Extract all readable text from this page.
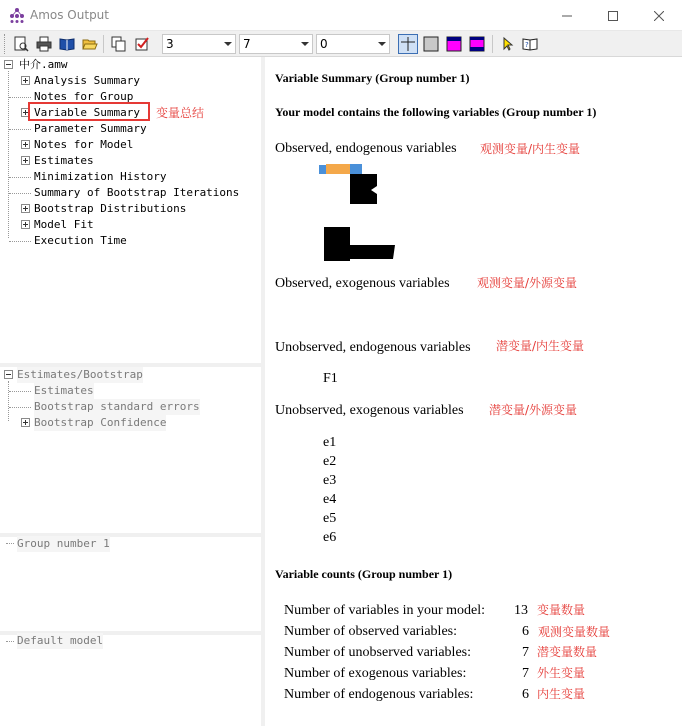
Amos Output
3	7	0	?
中介.amw
Analysis Summary
Notes for Group
Variable Summary
Parameter Summary
Notes for Model
Estimates
Minimization History
Summary of Bootstrap Iterations
Bootstrap Distributions
Model Fit
Execution Time
变量总结
Estimates/Bootstrap
Estimates
Bootstrap standard errors
Bootstrap Confidence
Group number 1
Default model
Variable Summary (Group number 1)
Your model contains the following variables (Group number 1)
Observed, endogenous variables 观测变量/内生变量
Observed, exogenous variables 观测变量/外源变量
Unobserved, endogenous variables 潜变量/内生变量
F1
Unobserved, exogenous variables 潜变量/外源变量
e1
e2
e3
e4
e5
e6
Variable counts (Group number 1)
Number of variables in your model: 13 变量数量
Number of observed variables:	6 观测变量数量
Number of unobserved variables:	7 潜变量数量
Number of exogenous variables:	7 外生变量
Number of endogenous variables:	6 内生变量
